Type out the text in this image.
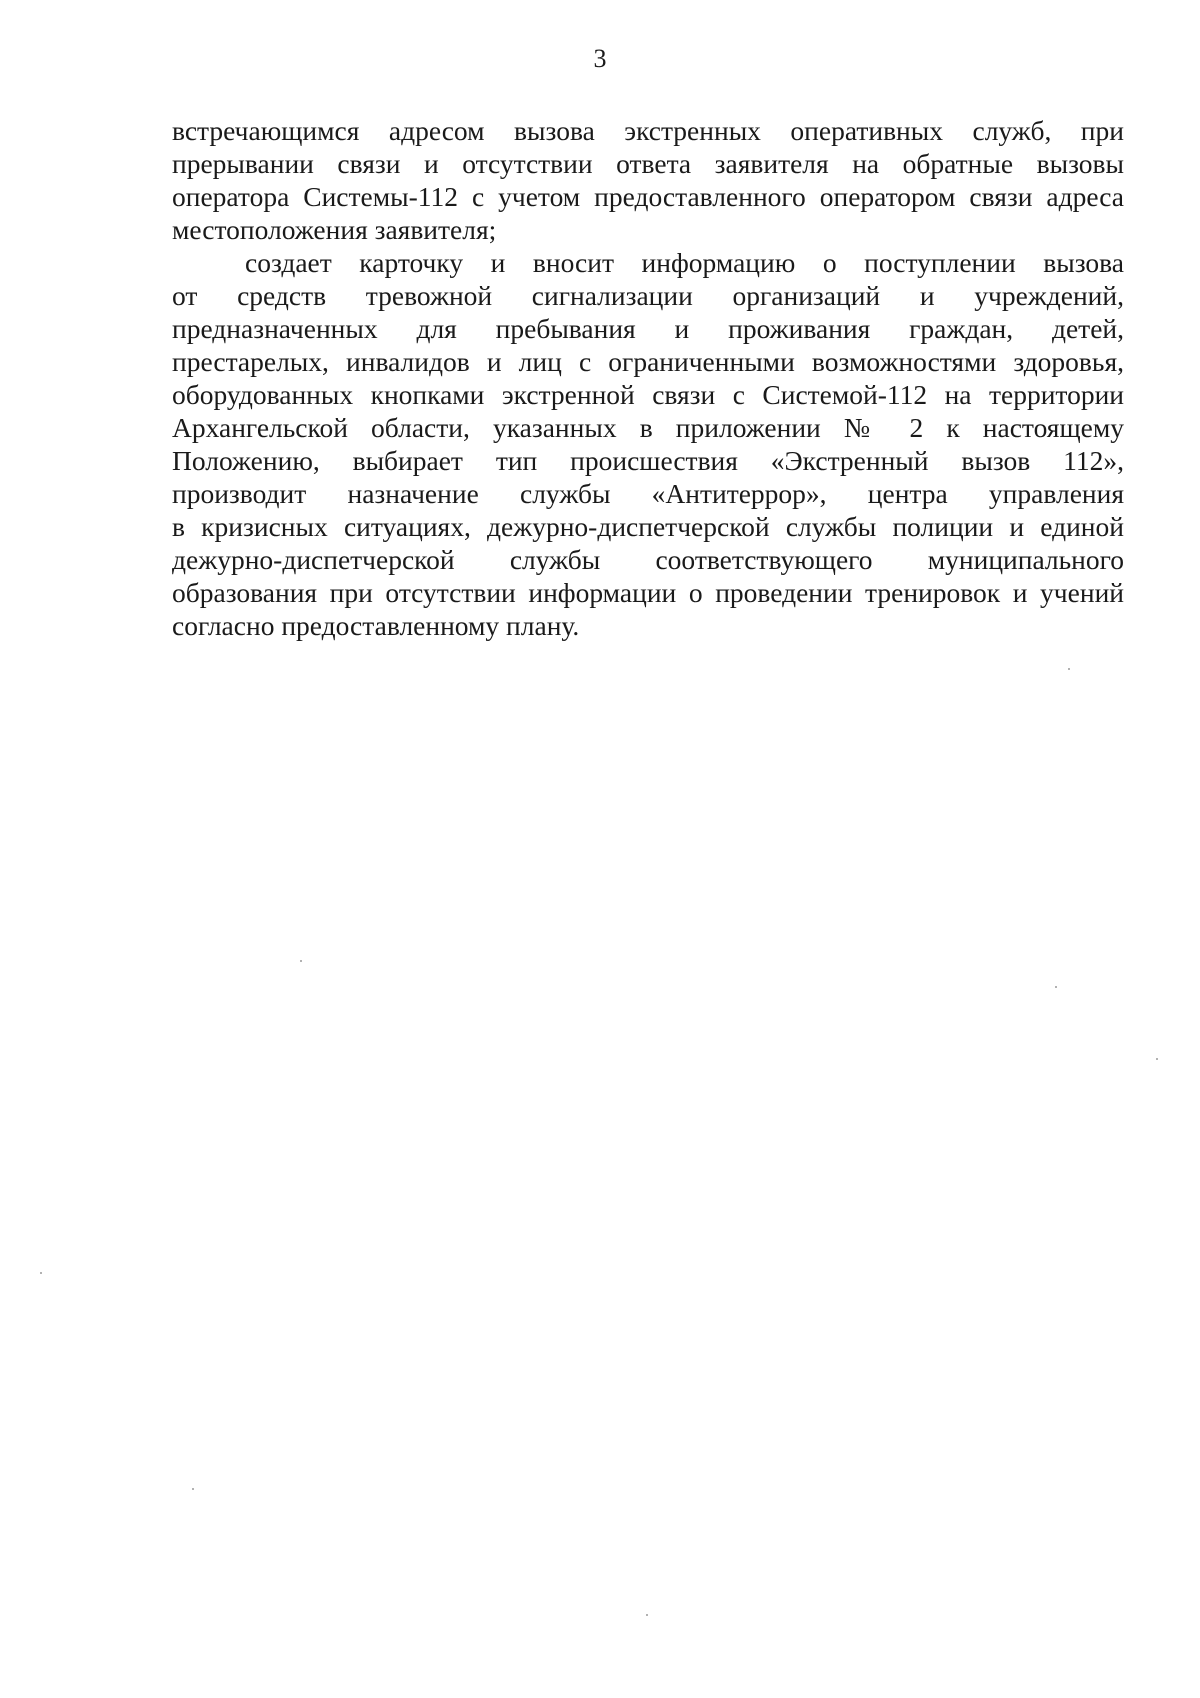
3
встречающимся адресом вызова экстренных оперативных служб, при
прерывании связи и отсутствии ответа заявителя на обратные вызовы
оператора Системы-112 с учетом предоставленного оператором связи адреса
местоположения заявителя;
создает карточку и вносит информацию о поступлении вызова
от средств тревожной сигнализации организаций и учреждений,
предназначенных для пребывания и проживания граждан, детей,
престарелых, инвалидов и лиц с ограниченными возможностями здоровья,
оборудованных кнопками экстренной связи с Системой-112 на территории
Архангельской области, указанных в приложении № 2 к настоящему
Положению, выбирает тип происшествия «Экстренный вызов 112»,
производит назначение службы «Антитеррор», центра управления
в кризисных ситуациях, дежурно-диспетчерской службы полиции и единой
дежурно-диспетчерской службы соответствующего муниципального
образования при отсутствии информации о проведении тренировок и учений
согласно предоставленному плану.
